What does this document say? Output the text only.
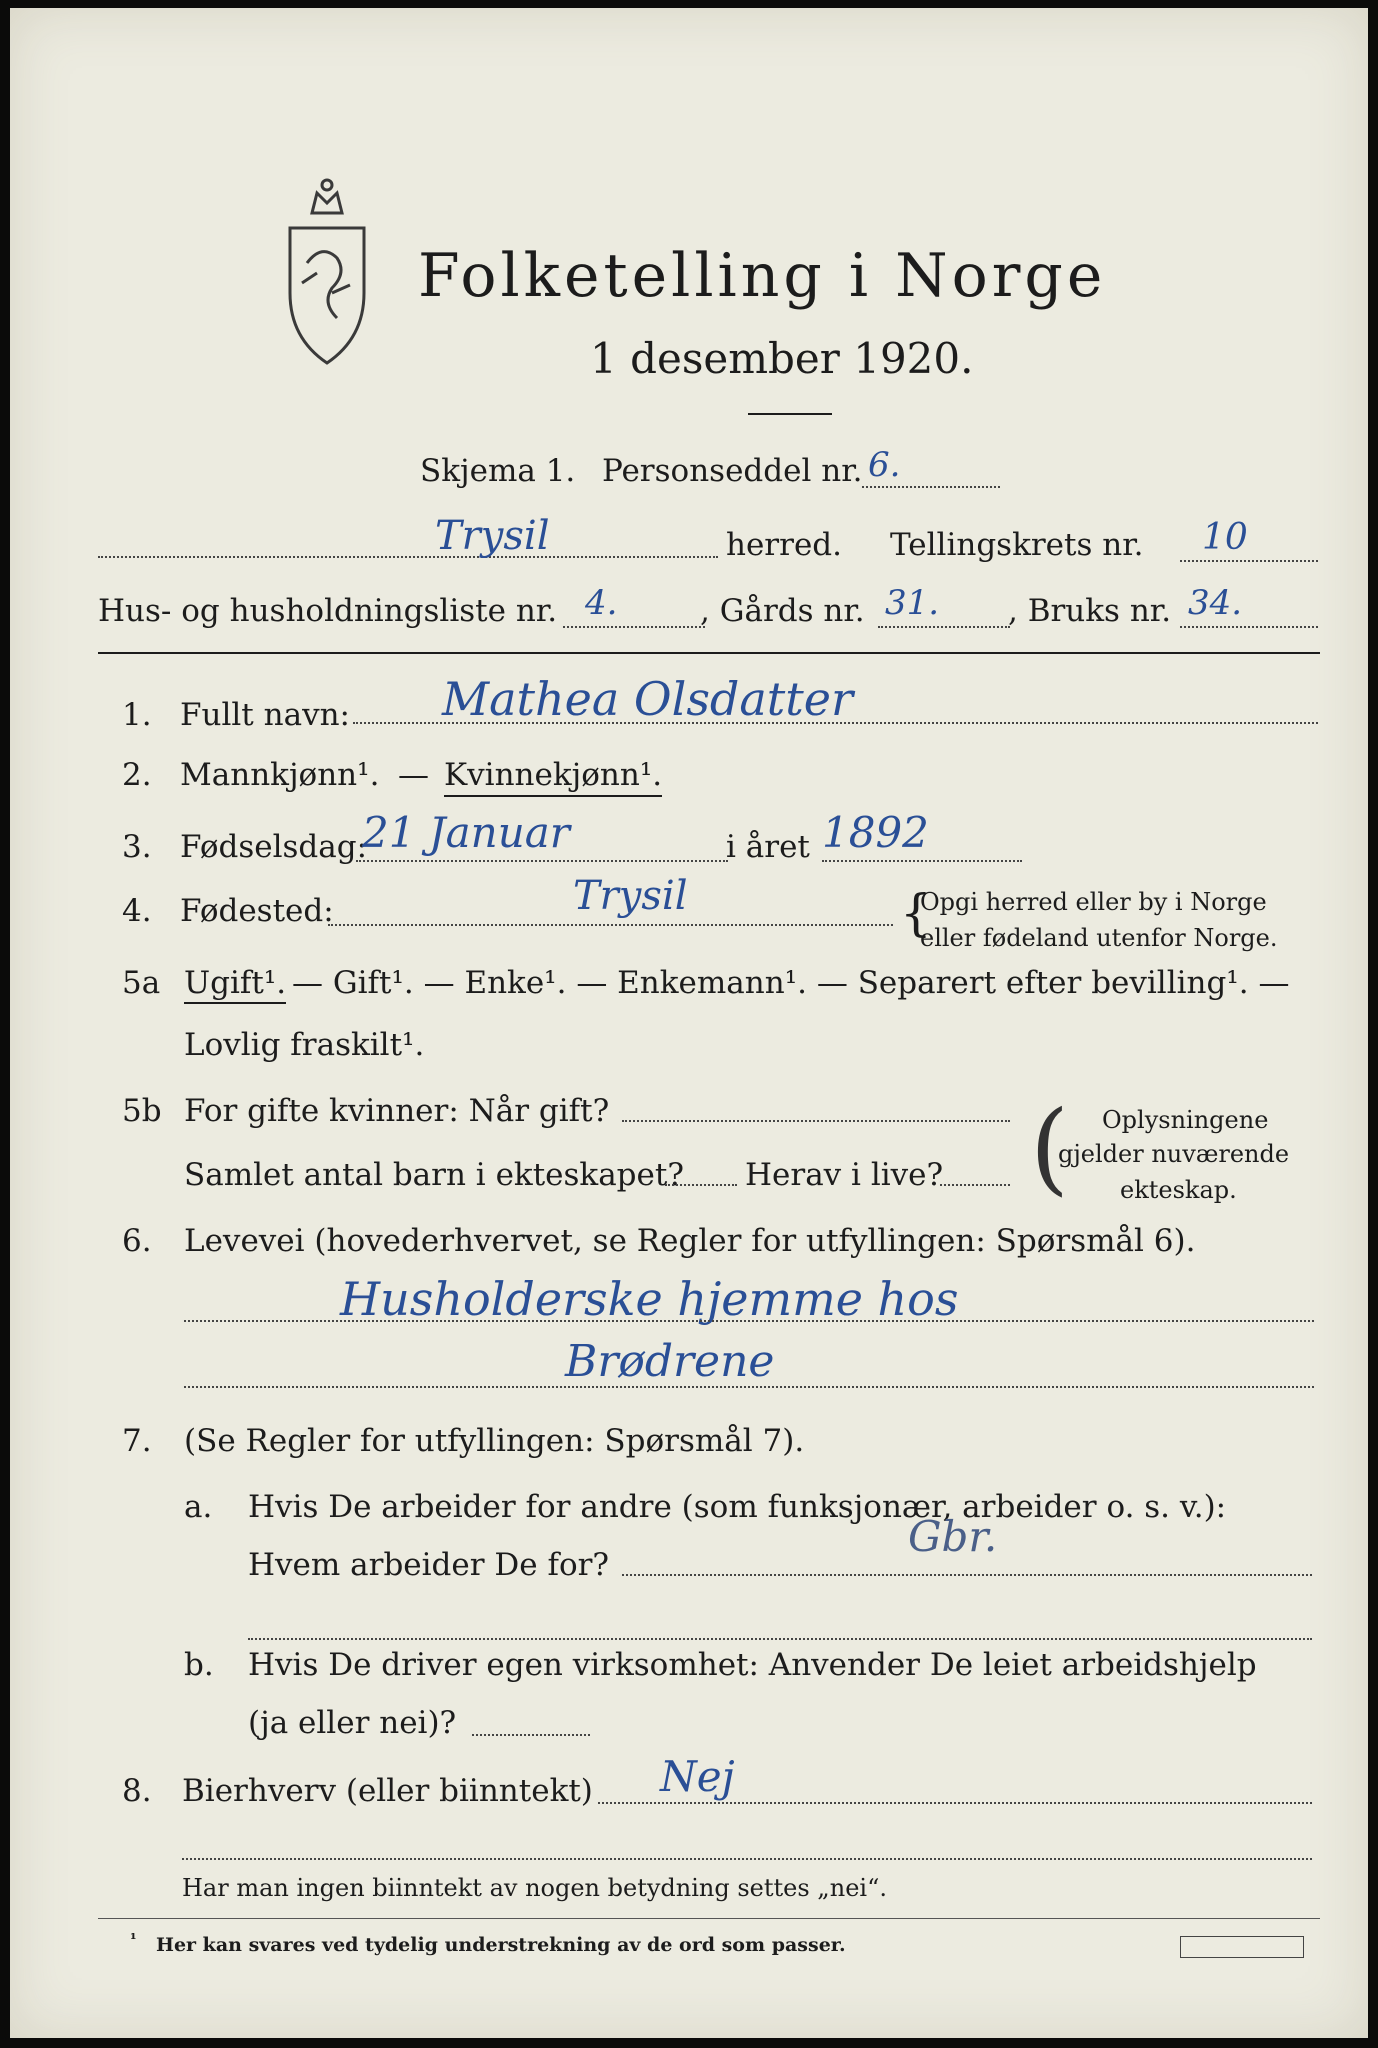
Folketelling i Norge
1 desember 1920.
Skjema 1. Personseddel nr. 6.
Trysil	herred. Tellingskrets nr. 10
Hus- og husholdningsliste nr. 4.	, Gårds nr. 31. , Bruks nr. 34.
1. Fullt navn: Mathea Olsdatter
2. Mannkjønn¹. — Kvinnekjønn¹.
3. Fødselsdag:
21 Januar	i året 1892
4. Fødested:	Trysil	{
Opgi herred eller by i Norge
eller fødeland utenfor Norge.
5a Ugift¹. — Gift¹. — Enke¹. — Enkemann¹. — Separert efter bevilling¹. —
Lovlig fraskilt¹.
5b For gifte kvinner: Når gift?
Samlet antal barn i ekteskapet? Herav i live? ( Oplysningene
gjelder nuværende
ekteskap.
6. Levevei (hovederhvervet, se Regler for utfyllingen: Spørsmål 6).
Husholderske hjemme hos
Brødrene
7. (Se Regler for utfyllingen: Spørsmål 7).
a. Hvis De arbeider for andre (som funksjonær, arbeider o. s. v.):
Hvem arbeider De for?
Gbr.
b. Hvis De driver egen virksomhet: Anvender De leiet arbeidshjelp
(ja eller nei)?
8. Bierhverv (eller biinntekt) Nej
Har man ingen biinntekt av nogen betydning settes „nei“.
¹ Her kan svares ved tydelig understrekning av de ord som passer.
